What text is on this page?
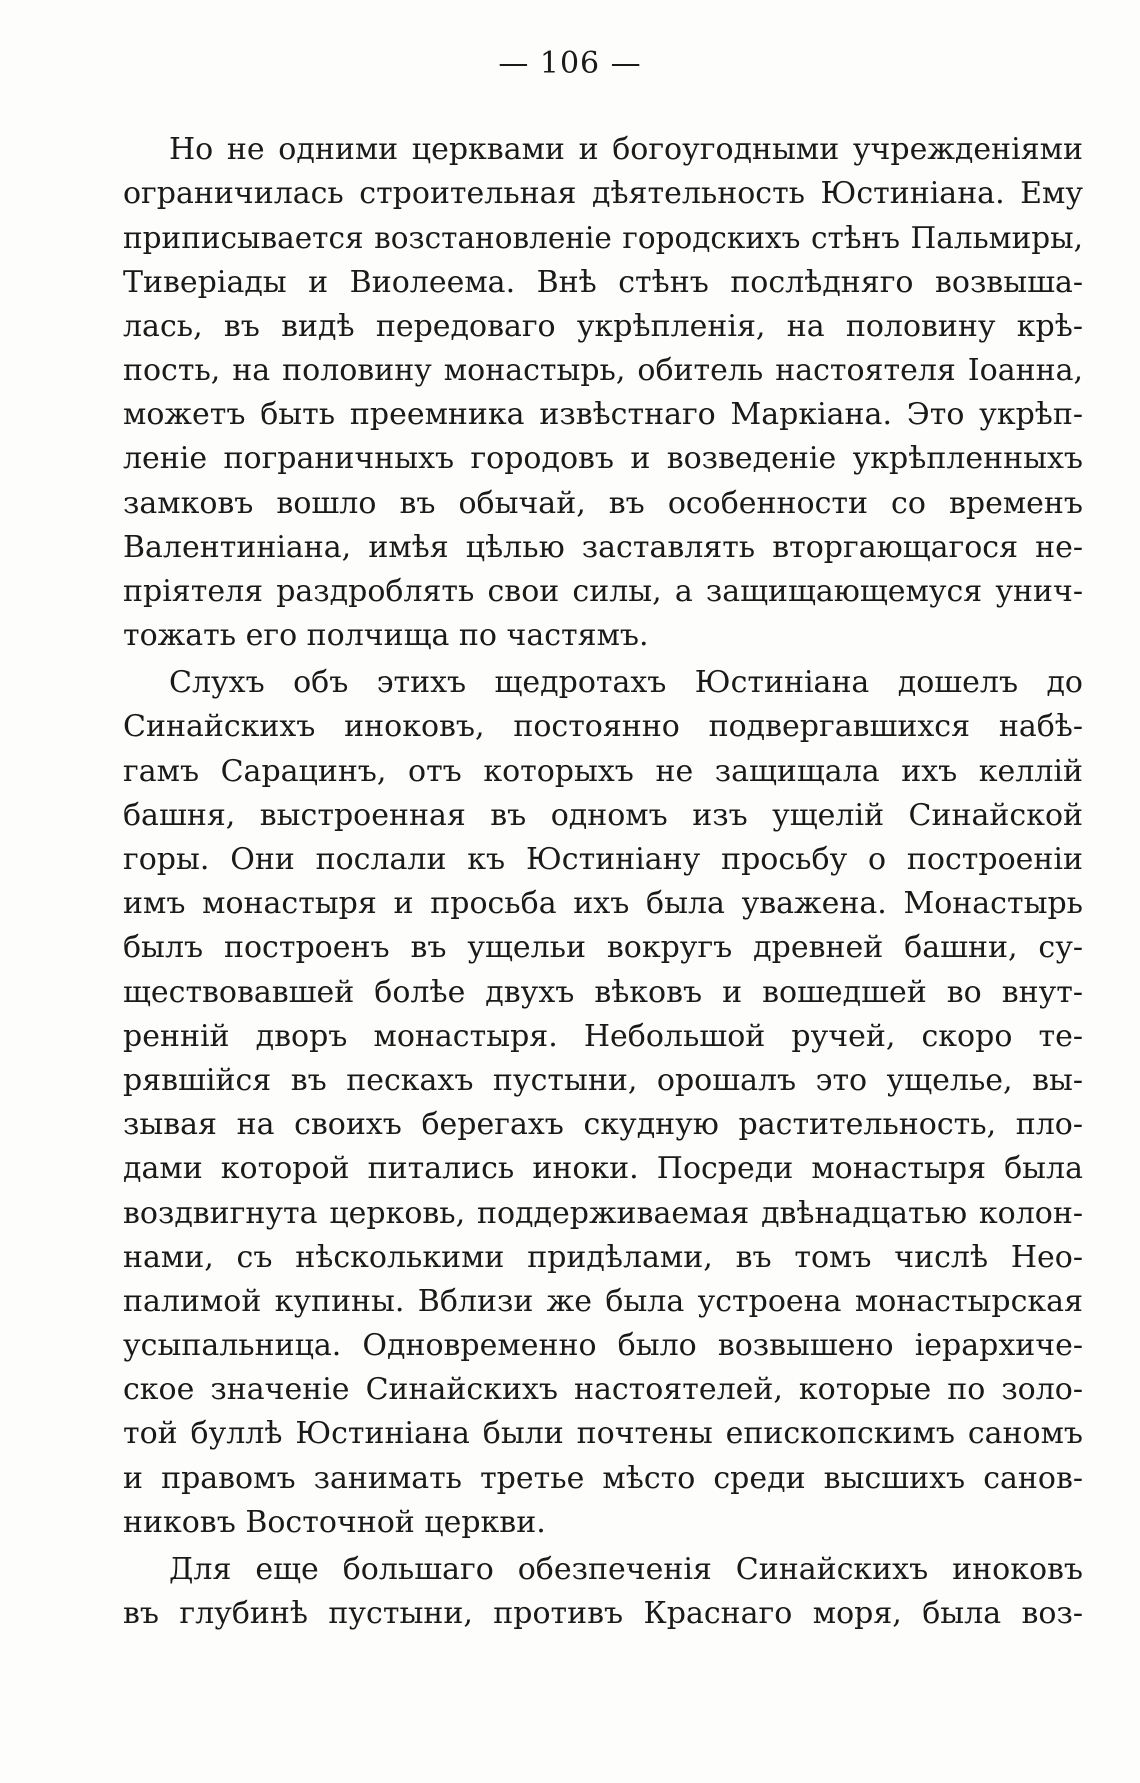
— 106 —
Но не одними церквами и богоугодными учрежденіями
ограничилась строительная дѣятельность Юстиніана. Ему
приписывается возстановленіе городскихъ стѣнъ Пальмиры,
Тиверіады и Виолеема. Внѣ стѣнъ послѣдняго возвыша-
лась, въ видѣ передоваго укрѣпленія, на половину крѣ-
пость, на половину монастырь, обитель настоятеля Іоанна,
можетъ быть преемника извѣстнаго Маркіана. Это укрѣп-
леніе пограничныхъ городовъ и возведеніе укрѣпленныхъ
замковъ вошло въ обычай, въ особенности со временъ
Валентиніана, имѣя цѣлью заставлять вторгающагося не-
пріятеля раздроблять свои силы, а защищающемуся унич-
тожать его полчища по частямъ.
Слухъ объ этихъ щедротахъ Юстиніана дошелъ до
Синайскихъ иноковъ, постоянно подвергавшихся набѣ-
гамъ Сарацинъ, отъ которыхъ не защищала ихъ келлій
башня, выстроенная въ одномъ изъ ущелій Синайской
горы. Они послали къ Юстиніану просьбу о построеніи
имъ монастыря и просьба ихъ была уважена. Монастырь
былъ построенъ въ ущельи вокругъ древней башни, су-
ществовавшей болѣе двухъ вѣковъ и вошедшей во внут-
ренній дворъ монастыря. Небольшой ручей, скоро те-
рявшійся въ пескахъ пустыни, орошалъ это ущелье, вы-
зывая на своихъ берегахъ скудную растительность, пло-
дами которой питались иноки. Посреди монастыря была
воздвигнута церковь, поддерживаемая двѣнадцатью колон-
нами, съ нѣсколькими придѣлами, въ томъ числѣ Нео-
палимой купины. Вблизи же была устроена монастырская
усыпальница. Одновременно было возвышено іерархиче-
ское значеніе Синайскихъ настоятелей, которые по золо-
той буллѣ Юстиніана были почтены епископскимъ саномъ
и правомъ занимать третье мѣсто среди высшихъ санов-
никовъ Восточной церкви.
Для еще большаго обезпеченія Синайскихъ иноковъ
въ глубинѣ пустыни, противъ Краснаго моря, была воз-
